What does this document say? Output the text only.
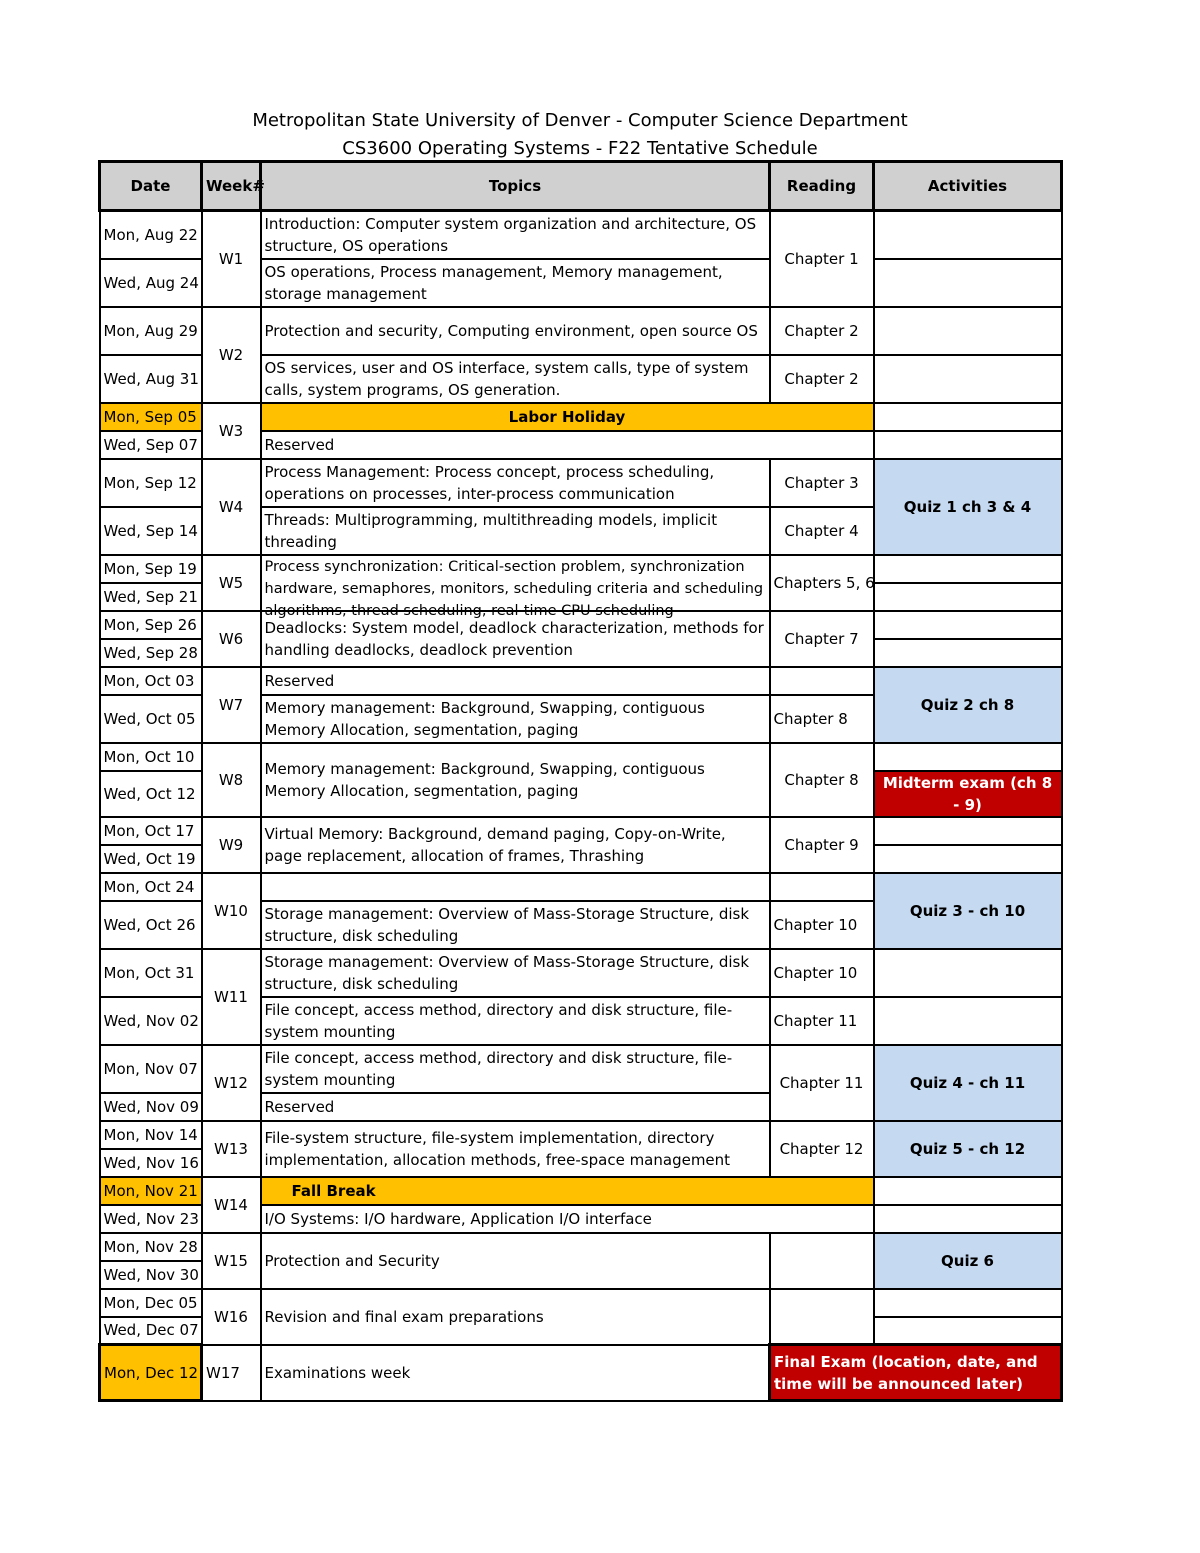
Metropolitan State University of Denver - Computer Science Department
CS3600 Operating Systems - F22 Tentative Schedule
Date	Week#	Topics	Reading	Activities
Mon, Aug 22	W1	Introduction: Computer system organization and architecture, OS structure, OS operations	Chapter 1	
Wed, Aug 24		OS operations, Process management, Memory management, storage management		
Mon, Aug 29	W2	Protection and security, Computing environment, open source OS	Chapter 2	
Wed, Aug 31		OS services, user and OS interface, system calls, type of system calls, system programs, OS generation.	Chapter 2	
Mon, Sep 05	W3	Labor Holiday		
Wed, Sep 07		Reserved		
Mon, Sep 12	W4	Process Management: Process concept, process scheduling, operations on processes, inter-process communication	Chapter 3	Quiz 1 ch 3 & 4
Wed, Sep 14		Threads: Multiprogramming, multithreading models, implicit threading	Chapter 4	
Mon, Sep 19	W5	Process synchronization: Critical-section problem, synchronization hardware, semaphores, monitors, scheduling criteria and scheduling algorithms, thread scheduling, real-time CPU scheduling	Chapters 5, 6	
Wed, Sep 21				
Mon, Sep 26	W6	Deadlocks: System model, deadlock characterization, methods for handling deadlocks, deadlock prevention	Chapter 7	
Wed, Sep 28				
Mon, Oct 03	W7	Reserved		Quiz 2 ch 8
Wed, Oct 05		Memory management: Background, Swapping, contiguous Memory Allocation, segmentation, paging	Chapter 8	
Mon, Oct 10	W8	Memory management: Background, Swapping, contiguous Memory Allocation, segmentation, paging	Chapter 8	
Wed, Oct 12				Midterm exam (ch 8 - 9)
Mon, Oct 17	W9	Virtual Memory: Background, demand paging, Copy-on-Write, page replacement, allocation of frames, Thrashing	Chapter 9	
Wed, Oct 19				
Mon, Oct 24	W10			Quiz 3 - ch 10
Wed, Oct 26		Storage management: Overview of Mass-Storage Structure, disk structure, disk scheduling	Chapter 10	
Mon, Oct 31	W11	Storage management: Overview of Mass-Storage Structure, disk structure, disk scheduling	Chapter 10	
Wed, Nov 02		File concept, access method, directory and disk structure, file-system mounting	Chapter 11	
Mon, Nov 07	W12	File concept, access method, directory and disk structure, file-system mounting	Chapter 11	Quiz 4 - ch 11
Wed, Nov 09		Reserved		
Mon, Nov 14	W13	File-system structure, file-system implementation, directory implementation, allocation methods, free-space management	Chapter 12	Quiz 5 - ch 12
Wed, Nov 16				
Mon, Nov 21	W14	Fall Break		
Wed, Nov 23		I/O Systems: I/O hardware, Application I/O interface		
Mon, Nov 28	W15	Protection and Security		Quiz 6
Wed, Nov 30				
Mon, Dec 05	W16	Revision and final exam preparations		
Wed, Dec 07				
Mon, Dec 12	W17	Examinations week	Final Exam (location, date, and time will be announced later)	
